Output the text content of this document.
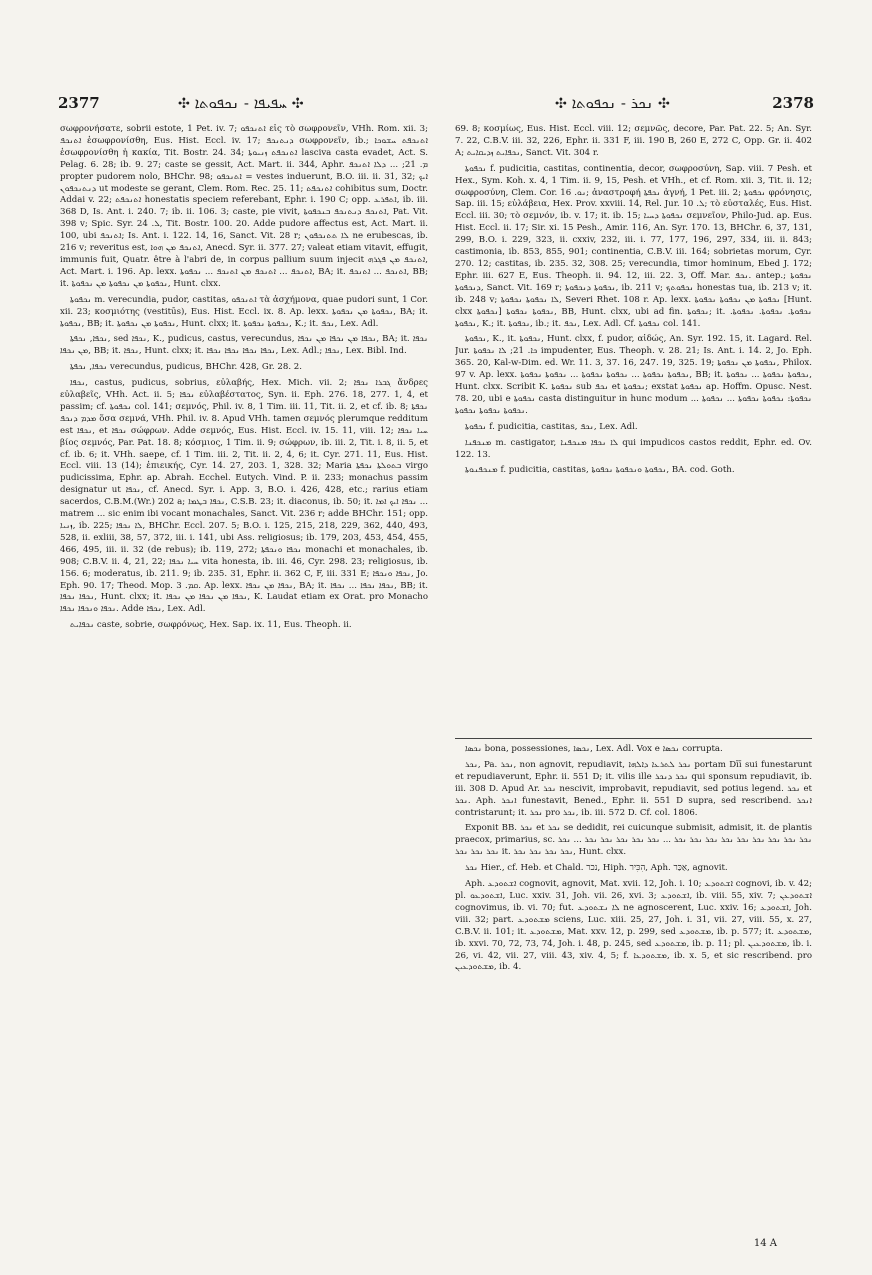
2377	✣ ܚܦܝܦܐ - ܢܟܦܘܬܐ ✣	✣ ܢܟܪ - ܢܟܦܘܬܐ ✣	2378

σωφρονήσατε, sobrii estote, 1 Pet. iv. 7; ܐܬܢܟܦܘ εἰς τὸ σωφρονεῖν, VHh. Rom. xii. 3; ܐܬܢܟܦ ἐσωφρονίσθη, Eus. Hist. Eccl. iv. 17; ܕܢܬܢܟܦ σωφρονεῖν, ib.; ܐܬܢܟܦܬ ܚܫܘܟܐ ἐσωφρονίσθη ἡ κακία, Tit. Bostr. 24. 34; ܐܬܢܟܦܬ ܙܢܝܘܬܐ lasciva casta evadet, Act. S. Pelag. 6. 28; ib. 9. 27; caste se gessit, Act. Mart. ii. 344, Aphr. ܡ. 21; ... ܕܠܐ ܐܬܢܟܦ propter pudorem nolo, BHChr. 98; ܐܬܢܟܦܘ = vestes induerunt, B.O. iii. ii. 31, 32; ܐܝܟ ܕܢܬܢܟܦܘܢ ut modeste se gerant, Clem. Rom. Rec. 25. 11; ܐܬܢܟܦܬ cohibitus sum, Doctr. Addai v. 22; ܐܬܢܟܦܬ honestatis speciem referebant, Ephr. i. 190 C; opp. ܐܬܦܪܥ, ib. iii. 368 D, Is. Ant. i. 240. 7; ib. ii. 106. 3; caste, pie vivit, ܐܬܢܟܦ ܕܢܬܢܟܦ ܒܢܟܦܘܬܐ, Pat. Vit. 398 v; Spic. Syr. ܠ. 24, Tit. Bostr. 100. 20. Adde pudore affectus est, Act. Mart. ii. 100, ubi ܐܬܢܟܦ; Is. Ant. i. 122. 14, 16, Sanct. Vit. 28 r; ܠܐ ܬܬܢܟܦܘܢ ne erubescas, ib. 216 v; reveritus est, ܐܬܢܟܦ ܡܢ ܗܘܐ, Anecd. Syr. ii. 377. 27; valeat etiam vitavit, effugit, immunis fuit, Quatr. être à l'abri de, in corpus pallium suum injecit ܐܬܢܟܦ ܡܢ ܦܓܪܗ, Act. Mart. i. 196. Ap. lexx. ܐܬܢܟܦ ... ܐܬܢܟܦ ܡܢ ܐܬܢܟܦ ... ܢܟܦܘܬܐ, BA; it. ܐܬܢܟܦ ... ܐܬܢܟܦ, BB; it. ܢܟܦܘܬܐ ܡܢ ܢܟܦܘܬܐ ܡܢ ܢܟܦܘܬܐ, Hunt. clxx.

ܢܟܦܘܬܐ m. verecundia, pudor, castitas, ܐܬܢܟܦܘ τὰ ἀσχήμονα, quae pudori sunt, 1 Cor. xii. 23; κοσμιότης (vestitūs), Eus. Hist. Eccl. ix. 8. Ap. lexx. ܢܟܦܘܬܐ ܡܢ ܢܟܦܘܬܐ, BA; it. ܢܟܦܘܬܐ, BB; it. ܢܟܦܘܬܐ ܡܢ ܢܟܦܘܬܐ, Hunt. clxx; it. ܢܟܦܘܬܐ ܢܟܦܘܬܐ, K.; it. ܢܟܦ, Lex. Adl.

ܢܟܦܐ, ܢܟܦܬܐ, sed ܢܟܦܐ, K., pudicus, castus, verecundus, ܢܟܦܐ ܡܢ ܢܟܦܐ ܡܢ ܢܟܦܐ, BA; it. ܢܟܦܐ ܡܢ ܢܟܦܐ, BB; it. ܢܟܦܐ, Hunt. clxx; it. ܢܟܦܐ ܢܟܦܐ ܢܟܦܐ ܢܟܦܐ, Lex. Adl.; ܢܟܦܐ, Lex. Bibl. Ind.

ܢܟܦܐ, ܢܟܦܬܐ verecundus, pudicus, BHChr. 428, Gr. 28. 2.

ܢܟܦܐ, castus, pudicus, sobrius, εὐλαβής, Hex. Mich. vii. 2; ܓܒܪܐ ܢܟܦܐ ἄνδρες εὐλαβεῖς, VHh. Act. ii. 5; ܢܟܦܐ εὐλαβέστατος, Syn. ii. Eph. 276. 18, 277. 1, 4, et passim; cf. ܢܟܦܘܬܐ col. 141; σεμνός, Phil. iv. 8, 1 Tim. iii. 11, Tit. ii. 2, et cf. ib. 8; ܢܟܦܬܐ ܡܕܡ ܕܢܟܦ ὅσα σεμνά, VHh. Phil. iv. 8. Apud VHh. tamen σεμνός plerumque redditum est ܢܟܦܐ, et ܢܟܦܐ σώφρων. Adde σεμνός, Eus. Hist. Eccl. iv. 15. 11, viii. 12; ܚܝܐ ܢܟܦܐ βίος σεμνός, Par. Pat. 18. 8; κόσμιος, 1 Tim. ii. 9; σώφρων, ib. iii. 2, Tit. i. 8, ii. 5, et cf. ib. 6; it. VHh. saepe, cf. 1 Tim. iii. 2, Tit. ii. 2, 4, 6; it. Cyr. 271. 11, Eus. Hist. Eccl. viii. 13 (14); ἐπιεικής, Cyr. 14. 27, 203. 1, 328. 32; Maria ܒܬܘܠܬܐ ܢܟܦܬܐ virgo pudicissima, Ephr. ap. Abrah. Ecchel. Eutych. Vind. P. ii. 233; monachus passim designatur ut ܢܟܦܐ, cf. Anecd. Syr. i. App. 3, B.O. i. 426, 428, etc.; rarius etiam sacerdos, C.B.M.(Wr.) 202 a; ܢܟܦܐ ܒܛܡܐ, C.S.B. 23; it. diaconus, ib. 50; it. ܢܟܦܐ ܐܝܟ ܐܡܐ ... matrem ... sic enim ibi vocant monachales, Sanct. Vit. 236 r; adde BHChr. 151; opp. ܙܢܝܐ, ib. 225; ܠܐ ܢܟܦܐ, BHChr. Eccl. 207. 5; B.O. i. 125, 215, 218, 229, 362, 440, 493, 528, ii. exliii, 38, 57, 372, iii. i. 141, ubi Ass. religiosus; ib. 179, 203, 453, 454, 455, 466, 495, iii. ii. 32 (de rebus); ib. 119, 272; ܢܟܦܐ ܘܢܟܦܬܐ monachi et monachales, ib. 908; C.B.V. ii. 4, 21, 22; ܚܝܐ ܢܟܦܐ vita honesta, ib. iii. 46, Cyr. 298. 23; religiosus, ib. 156. 6; moderatus, ib. 211. 9; ib. 235. 31, Ephr. ii. 362 C, F, iii. 331 E; ܢܟܦܐ ܘܢܟܦܐ, Jo. Eph. 90. 17; Theod. Mop. ܩܡ. 3. Ap. lexx. ܢܟܦܐ ܡܢ ܢܟܦܐ, BA; it. ܢܟܦܐ ܢܟܦܐ ... ܢܟܦܐ, BB; it. ܢܟܦܐ ܢܟܦܐ, Hunt. clxx; it. ܢܟܦܐ ܡܢ ܢܟܦܐ ܡܢ ܢܟܦܐ, K. Laudat etiam ex Orat. pro Monacho ܢܟܦܐ ܘܢܟܦܐ ܢܟܦܐ. Adde ܢܟܦܐ, Lex. Adl.

ܢܟܦܐܝܬ caste, sobrie, σωφρόνως, Hex. Sap. ix. 11, Eus. Theoph. ii.

69. 8; κοσμίως, Eus. Hist. Eccl. viii. 12; σεμνῶς, decore, Par. Pat. 22. 5; An. Syr. 7. 22, C.B.V. iii. 32, 226, Ephr. ii. 331 F, iii. 190 B, 260 E, 272 C, Opp. Gr. ii. 402 A; ܢܟܦܐܝܬ ܙܕܝܩܐܝܬ, Sanct. Vit. 304 r.

ܢܟܦܘܬܐ f. pudicitia, castitas, continentia, decor, σωφροσύνη, Sap. viii. 7 Pesh. et Hex., Sym. Koh. x. 4, 1 Tim. ii. 9, 15, Pesh. et VHh., et cf. Rom. xii. 3, Tit. ii. 12; σωφροσύνη, Clem. Cor. ܢܘ. 16; ἀναστροφή ܢܟܦܬܐ ἁγνή, 1 Pet. iii. 2; ܢܟܦܘܬܐ φρόνησις, Sap. iii. 15; εὐλάβεια, Hex. Prov. xxviii. 14, Rel. Jur. ܠ. 10; τὸ εὐσταλές, Eus. Hist. Eccl. iii. 30; τὸ σεμνόν, ib. v. 17; it. ib. 15; ܢܟܦܘܬܐ ܕܚܝܐ σεμνεῖον, Philo-Jud. ap. Eus. Hist. Eccl. ii. 17; Sir. xi. 15 Pesh., Amir. 116, An. Syr. 170. 13, BHChr. 6, 37, 131, 299, B.O. i. 229, 323, ii. cxxiv, 232, iii. i. 77, 177, 196, 297, 334, iii. ii. 843; castimonia, ib. 853, 855, 901; continentia, C.B.V. iii. 164; sobrietas morum, Cyr. 270. 12; castitas, ib. 235. 32, 308. 25; verecundia, timor hominum, Ebed J. 172; Ephr. iii. 627 E, Eus. Theoph. ii. 94. 12, iii. 22. 3, Off. Mar. ܢܟܦ. antep.; ܢܟܦܘܬܐ ܕܢܟܦܘܬܐ, Sanct. Vit. 169 r; ܢܟܦܘܬܐ ܕܢܟܦܘܬܐ, ib. 211 v; ܢܟܦܘܬܟ honestas tua, ib. 213 v; it. ib. 248 v; ܠܐ ܢܟܦܘܬܐ ܢܟܦܘܬܐ, Severi Rhet. 108 r. Ap. lexx. ܢܟܦܘܬܐ ܡܢ ܢܟܦܘܬܐ ܢܟܦܘܬܐ [Hunt. clxx ܢܟܦܘܬܐ] ܢܟܦܘܬܐ ܢܟܦܘܬܐ, BB, Hunt. clxx, ubi ad fin. ܢܟܦܘܬܐ; it. ܢܟܦܘܬܐ. ܢܟܦܘܬܐ. ܢܟܦܘܬܐ. ܢܟܦܘܬܐ, K.; it. ܢܟܦܘܬܐ, ib.; it. ܢܟܦ, Lex. Adl. Cf. ܢܟܦܘܬܐ col. 141.

ܢܟܦܘܬܐ, K., it. ܢܟܦܘܬܐ, Hunt. clxx, f. pudor, αἰδώς, An. Syr. 192. 15, it. Lagard. Rel. Jur. ܟܐ. 21; ܠܐ ܢܟܦܘܬܐ impudenter, Eus. Theoph. v. 28. 21; Is. Ant. i. 14. 2, Jo. Eph. 365. 20, Kal-w-Dim. ed. Wr. 11. 3, 37. 16, 247. 19, 325. 19; ܢܟܦܘܬܐ ܡܢ ܢܟܦܘܬܐ, Philox. 97 v. Ap. lexx. ܢܟܦܘܬܐ ܢܟܦܘܬܐ ... ܢܟܦܘܬܐ ܢܟܦܘܬܐ ... ܢܟܦܘܬܐ ܢܟܦܘܬܐ, BB; it. ܢܟܦܘܬܐ ܢܟܦܘܬܐ ... ܢܟܦܘܬܐ, Hunt. clxx. Scribit K. ܢܟܦܘܬܐ sub ܢܟܦ et ܢܟܦܘܬܐ; exstat ܢܟܦܘܬܐ ap. Hoffm. Opusc. Nest. 78. 20, ubi e ܢܟܦܘܬܐ casta distinguitur in hunc modum ܢܟܦܘܬܐ: ܢܟܦܘܬܐ ܢܟܦܘܬܐ ... ܢܟܦܘܬܐ ... ܢܟܦܘܬܐ ܢܟܦܘܬܐ ܢܟܦܘܬܐ.

ܢܟܦܘܬܐ f. pudicitia, castitas, ܢܟܦ, Lex. Adl.

ܡܢܟܦܢܐ m. castigator, ܠܐ ܢܟܦܐ ܡܢܟܦܢܐ qui impudicos castos reddit, Ephr. ed. Ov. 122. 13.

ܡܢܟܦܢܘܬܐ f. pudicitia, castitas, ܢܟܦܘܬܐ ܘܢܟܦܘܬܐ ܢܟܦܘܬܐ, BA. cod. Goth.

ܢܟܣܐ bona, possessiones, ܢܟܣܐ, Lex. Adl. Vox e ܢܟܣܐ corrupta.

ܢܟܪ, Pa. ܢܟܪ, non agnovit, repudiavit, ܢܟܪ ܠܬܪܥܐ ܕܐܠܗܐ portam Dīī sui funestarunt et repudiaverunt, Ephr. ii. 551 D; it. vilis ille ܢܟܪ ܕܢܟܪ qui sponsum repudiavit, ib. iii. 308 D. Apud Ar. ܢܟܪ nescivit, improbavit, repudiavit, sed potius legend. ܢܟܪ et ܢܟܪ. Aph. ܐܢܟܪ funestavit, Bened., Ephr. ii. 551 D supra, sed rescribend. ܐܢܟܪ contristarunt; it. ܢܟܪ pro ܢܟܪ, ib. iii. 572 D. Cf. col. 1806.

Exponit BB. ܢܟܪ et ܢܟܪ se dedidit, rei cuicunque submisit, admisit, it. de plantis praecox, primarius, sc. ܢܟܪ ܢܟܪ ܢܟܪ ܢܟܪ ܢܟܪ ܢܟܪ ܢܟܪ ܢܟܪ ܢܟܪ ... ܢܟܪ ܢܟܪ ܢܟܪ ܢܟܪ ܢܟܪ ... ܢܟܪ ܢܟܪ ܢܟܪ ܢܟܪ it. ܢܟܪ ܢܟܪ ܢܟܪ ܢܟܪ, Hunt. clxx.

ܢܟܪ Hier., cf. Heb. et Chald. נכר, Hiph. הִכִּיר, Aph. אַכַּר, agnovit.

Aph. ܐܫܬܘܕܥ cognovit, agnovit, Mat. xvii. 12, Joh. i. 10; ܐܫܬܘܕܥ cognovi, ib. v. 42; pl. ܐܫܬܘܕܥܘ, Luc. xxiv. 31, Joh. vii. 26, xvi. 3; ܐܫܬܘܕܥ, ib. viii. 55, xiv. 7; ܐܫܬܘܕܥܢ cognovimus, ib. vi. 70; fut. ܠܐ ܢܫܬܘܕܥ ne agnoscerent, Luc. xxiv. 16; ܐܫܬܘܕܥ, Joh. viii. 32; part. ܡܫܬܘܕܥ sciens, Luc. xiii. 25, 27, Joh. i. 31, vii. 27, viii. 55, x. 27, C.B.V. ii. 101; it. ܡܫܬܘܕܥ, Mat. xxv. 12, p. 299, sed ܡܫܬܘܕܥ, ib. p. 577; it. ܡܫܬܘܕܥ, ib. xxvi. 70, 72, 73, 74, Joh. i. 48, p. 245, sed ܡܫܬܘܕܥ, ib. p. 11; pl. ܡܫܬܘܕܥܝܢ, ib. i. 26, vi. 42, vii. 27, viii. 43, xiv. 4, 5; f. ܡܫܬܘܕܥܐ, ib. x. 5, et sic rescribend. pro ܡܫܬܘܕܥܝܢ, ib. 4.

14 A
